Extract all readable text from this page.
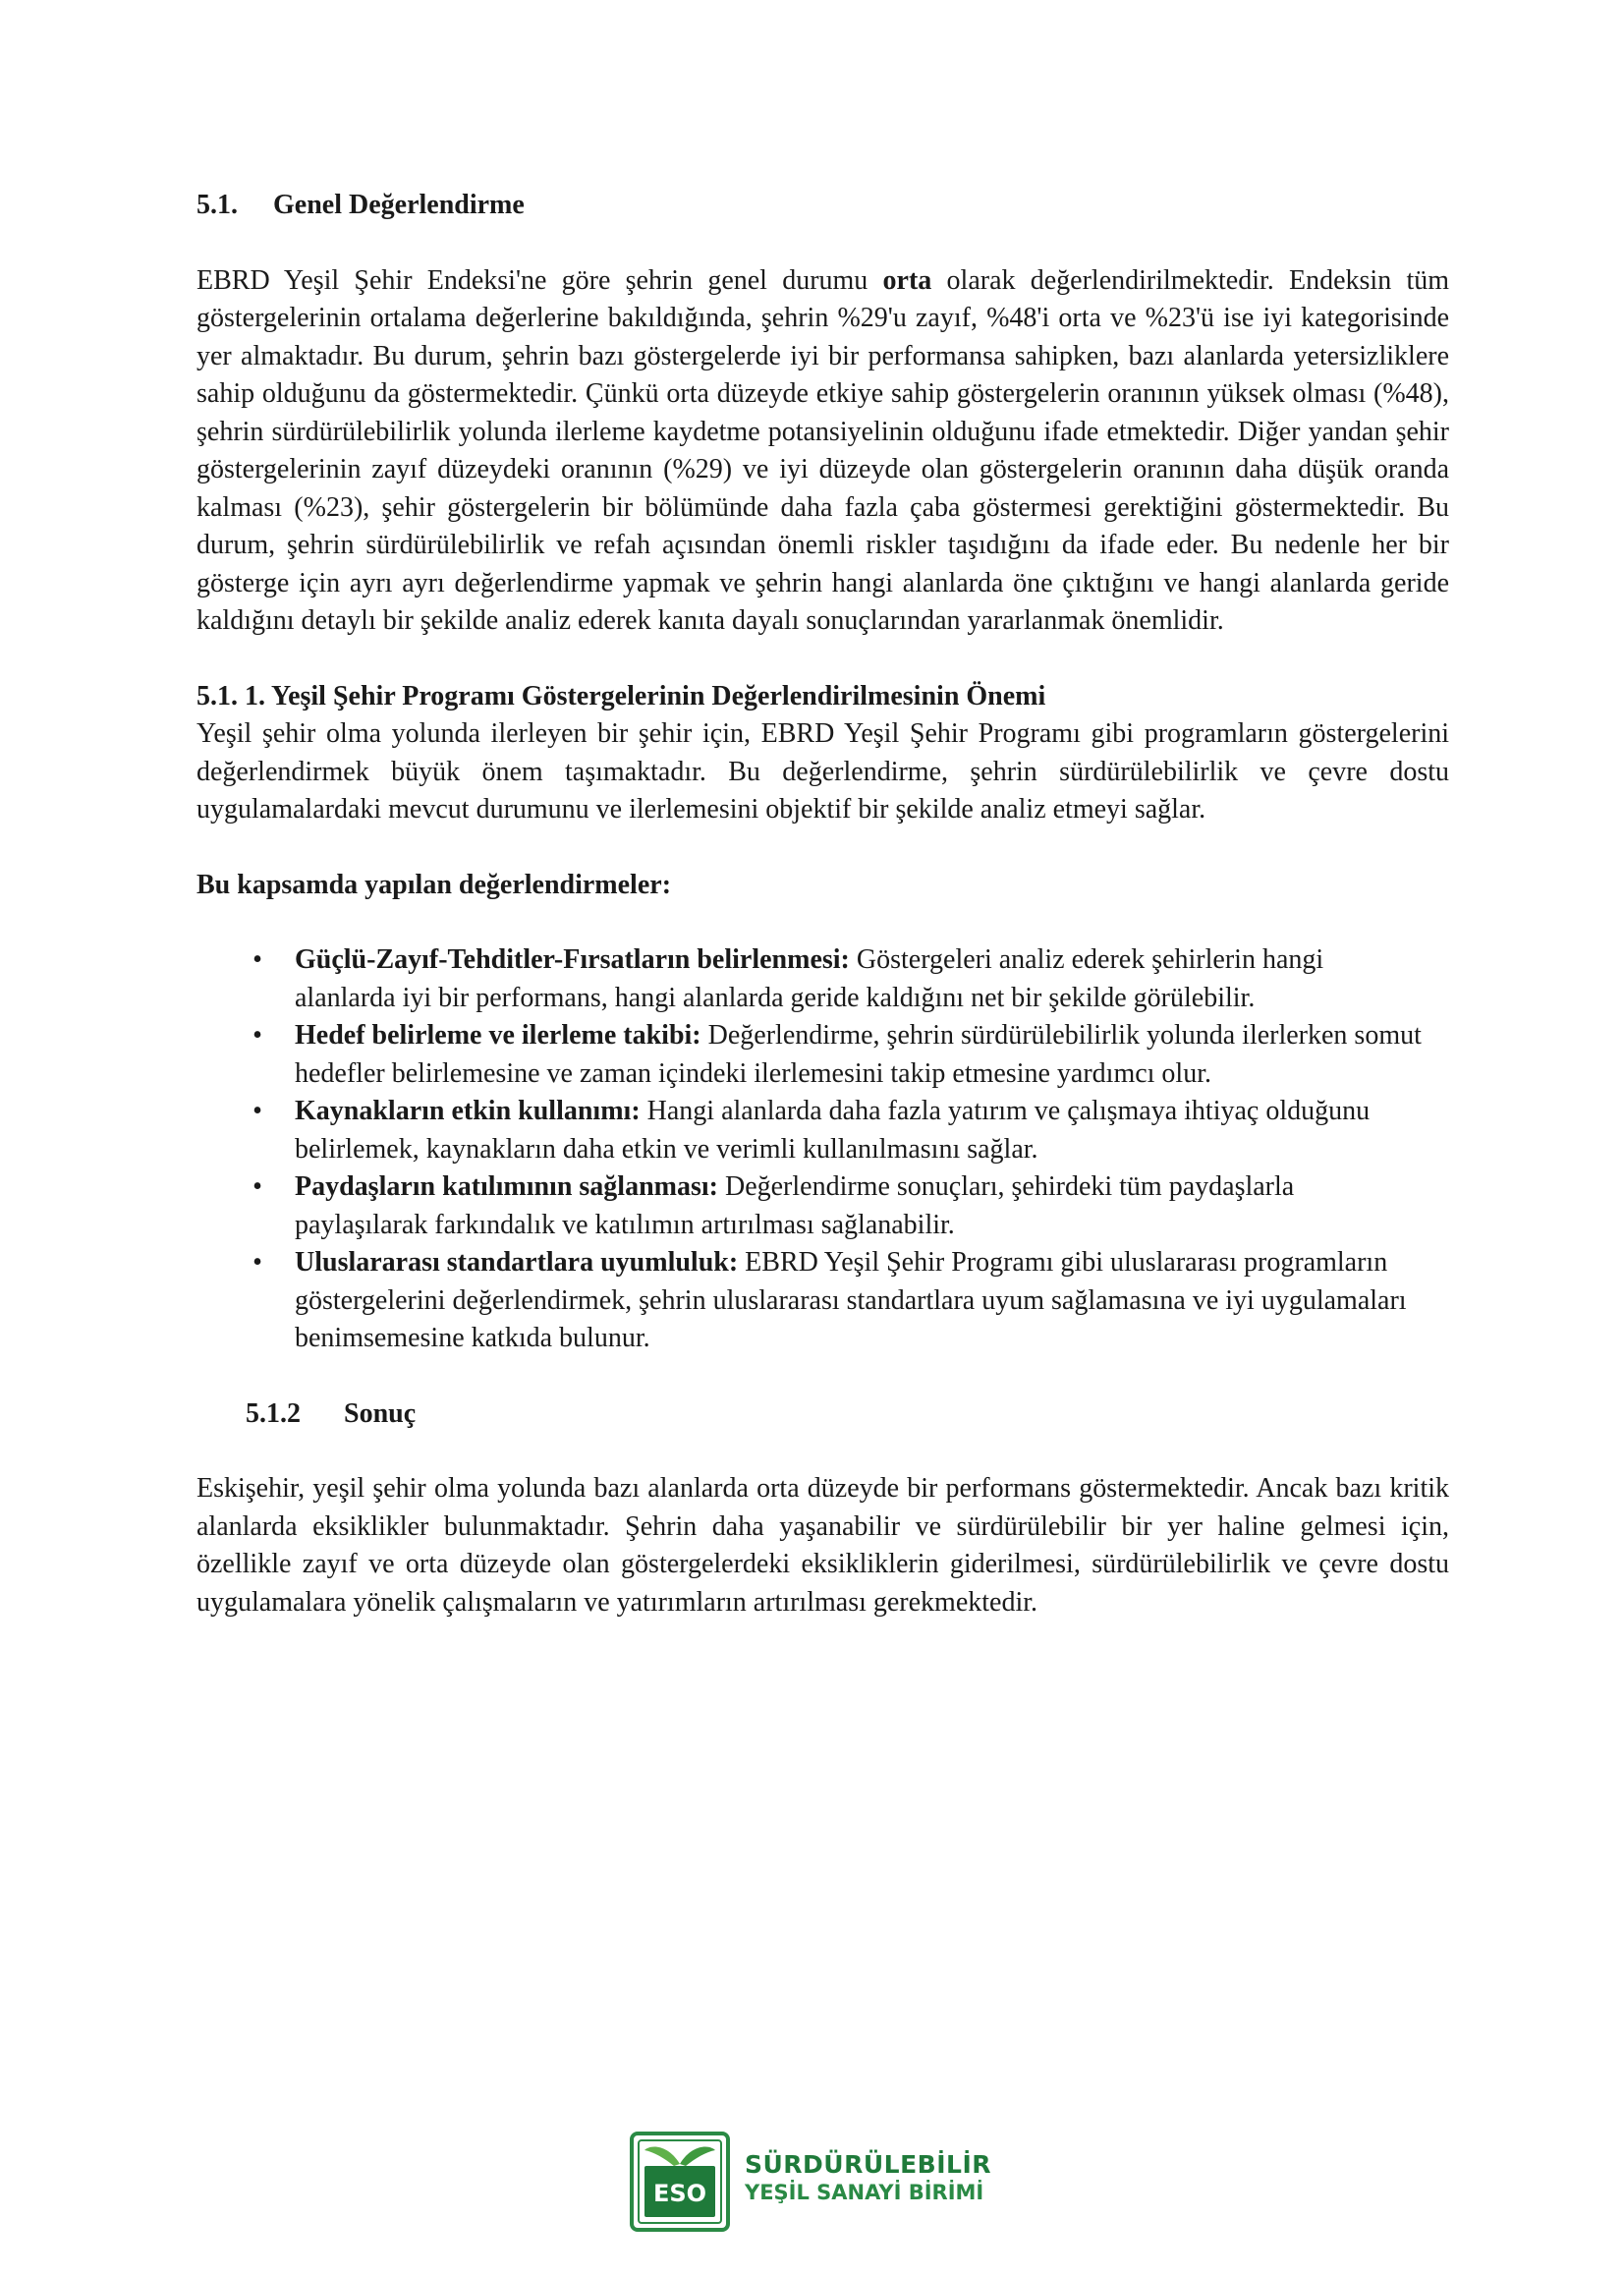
5.1. Genel Değerlendirme

EBRD Yeşil Şehir Endeksi'ne göre şehrin genel durumu orta olarak değerlendirilmektedir. Endeksin tüm göstergelerinin ortalama değerlerine bakıldığında, şehrin %29'u zayıf, %48'i orta ve %23'ü ise iyi kategorisinde yer almaktadır. Bu durum, şehrin bazı göstergelerde iyi bir performansa sahipken, bazı alanlarda yetersizliklere sahip olduğunu da göstermektedir. Çünkü orta düzeyde etkiye sahip göstergelerin oranının yüksek olması (%48), şehrin sürdürülebilirlik yolunda ilerleme kaydetme potansiyelinin olduğunu ifade etmektedir. Diğer yandan şehir göstergelerinin zayıf düzeydeki oranının (%29) ve iyi düzeyde olan göstergelerin oranının daha düşük oranda kalması (%23), şehir göstergelerin bir bölümünde daha fazla çaba göstermesi gerektiğini göstermektedir. Bu durum, şehrin sürdürülebilirlik ve refah açısından önemli riskler taşıdığını da ifade eder. Bu nedenle her bir gösterge için ayrı ayrı değerlendirme yapmak ve şehrin hangi alanlarda öne çıktığını ve hangi alanlarda geride kaldığını detaylı bir şekilde analiz ederek kanıta dayalı sonuçlarından yararlanmak önemlidir.

5.1. 1. Yeşil Şehir Programı Göstergelerinin Değerlendirilmesinin Önemi

Yeşil şehir olma yolunda ilerleyen bir şehir için, EBRD Yeşil Şehir Programı gibi programların göstergelerini değerlendirmek büyük önem taşımaktadır. Bu değerlendirme, şehrin sürdürülebilirlik ve çevre dostu uygulamalardaki mevcut durumunu ve ilerlemesini objektif bir şekilde analiz etmeyi sağlar.

Bu kapsamda yapılan değerlendirmeler:
• Güçlü-Zayıf-Tehditler-Fırsatların belirlenmesi: Göstergeleri analiz ederek şehirlerin hangi alanlarda iyi bir performans, hangi alanlarda geride kaldığını net bir şekilde görülebilir.
• Hedef belirleme ve ilerleme takibi: Değerlendirme, şehrin sürdürülebilirlik yolunda ilerlerken somut hedefler belirlemesine ve zaman içindeki ilerlemesini takip etmesine yardımcı olur.
• Kaynakların etkin kullanımı: Hangi alanlarda daha fazla yatırım ve çalışmaya ihtiyaç olduğunu belirlemek, kaynakların daha etkin ve verimli kullanılmasını sağlar.
• Paydaşların katılımının sağlanması: Değerlendirme sonuçları, şehirdeki tüm paydaşlarla paylaşılarak farkındalık ve katılımın artırılması sağlanabilir.
• Uluslararası standartlara uyumluluk: EBRD Yeşil Şehir Programı gibi uluslararası programların göstergelerini değerlendirmek, şehrin uluslararası standartlara uyum sağlamasına ve iyi uygulamaları benimsemesine katkıda bulunur.
5.1.2 Sonuç

Eskişehir, yeşil şehir olma yolunda bazı alanlarda orta düzeyde bir performans göstermektedir. Ancak bazı kritik alanlarda eksiklikler bulunmaktadır. Şehrin daha yaşanabilir ve sürdürülebilir bir yer haline gelmesi için, özellikle zayıf ve orta düzeyde olan göstergelerdeki eksikliklerin giderilmesi, sürdürülebilirlik ve çevre dostu uygulamalara yönelik çalışmaların ve yatırımların artırılması gerekmektedir.

ESO
SÜRDÜRÜLEBİLİR
YEŞİL SANAYİ BİRİMİ
